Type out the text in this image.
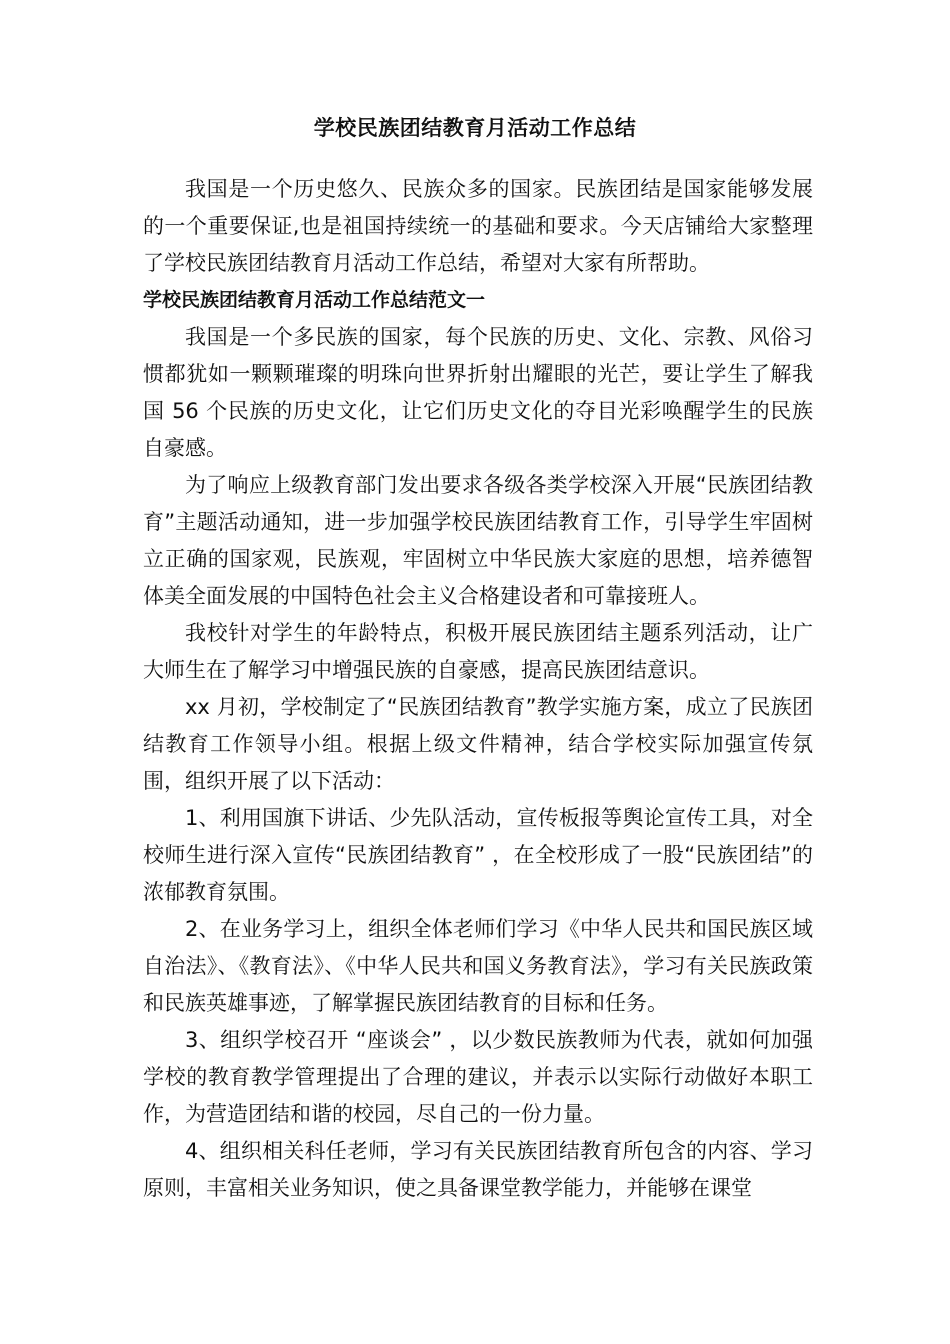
学校民族团结教育月活动工作总结

我国是一个历史悠久、民族众多的国家。民族团结是国家能够发展的一个重要保证,也是祖国持续统一的基础和要求。今天店铺给大家整理了学校民族团结教育月活动工作总结，希望对大家有所帮助。

学校民族团结教育月活动工作总结范文一

我国是一个多民族的国家，每个民族的历史、文化、宗教、风俗习惯都犹如一颗颗璀璨的明珠向世界折射出耀眼的光芒，要让学生了解我国 56 个民族的历史文化，让它们历史文化的夺目光彩唤醒学生的民族自豪感。

为了响应上级教育部门发出要求各级各类学校深入开展“民族团结教育”主题活动通知，进一步加强学校民族团结教育工作，引导学生牢固树立正确的国家观，民族观，牢固树立中华民族大家庭的思想，培养德智体美全面发展的中国特色社会主义合格建设者和可靠接班人。

我校针对学生的年龄特点，积极开展民族团结主题系列活动，让广大师生在了解学习中增强民族的自豪感，提高民族团结意识。

xx 月初，学校制定了“民族团结教育”教学实施方案，成立了民族团结教育工作领导小组。根据上级文件精神，结合学校实际加强宣传氛围，组织开展了以下活动：

1、利用国旗下讲话、少先队活动，宣传板报等舆论宣传工具，对全校师生进行深入宣传“民族团结教育” ，在全校形成了一股“民族团结”的浓郁教育氛围。

2、在业务学习上，组织全体老师们学习《中华人民共和国民族区域自治法》、《教育法》、《中华人民共和国义务教育法》，学习有关民族政策和民族英雄事迹，了解掌握民族团结教育的目标和任务。

3、组织学校召开 “座谈会” ，以少数民族教师为代表，就如何加强学校的教育教学管理提出了合理的建议，并表示以实际行动做好本职工作，为营造团结和谐的校园，尽自己的一份力量。

4、组织相关科任老师，学习有关民族团结教育所包含的内容、学习原则，丰富相关业务知识，使之具备课堂教学能力，并能够在课堂
